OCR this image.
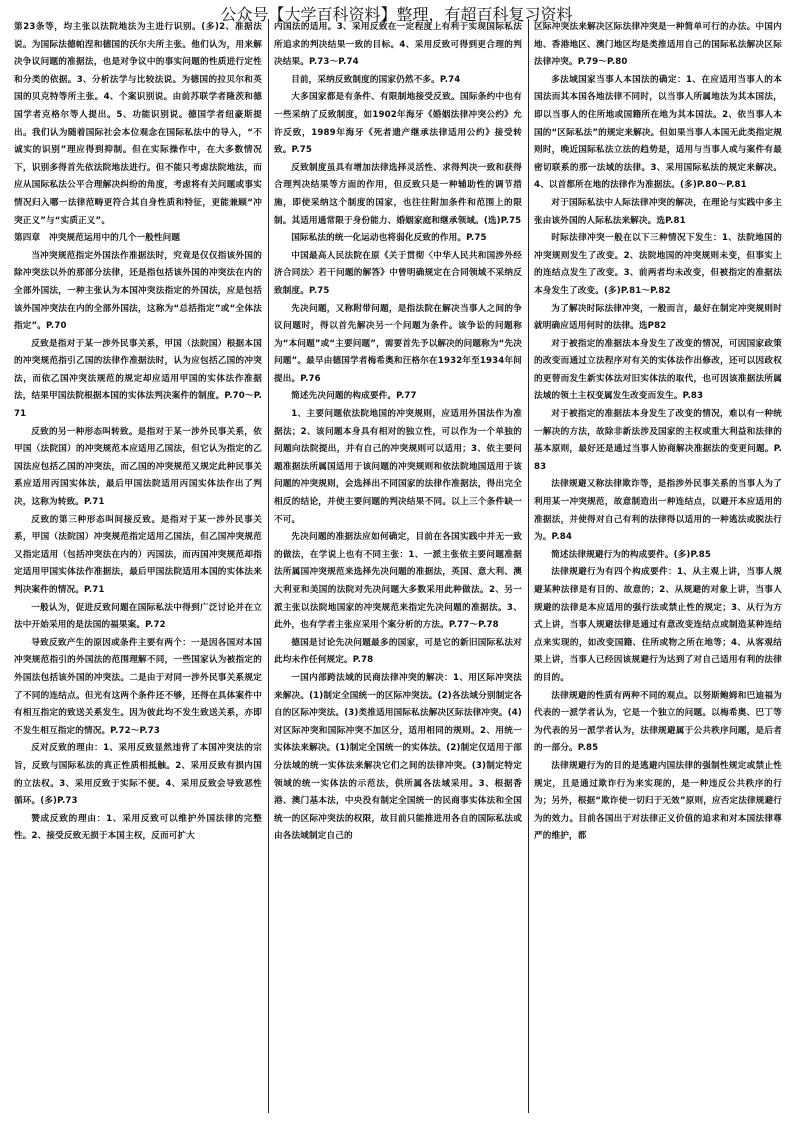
公众号【大学百科资料】整理，有超百科复习资料

第23条等，均主张以法院地法为主进行识别。(多)2、准据法说。为国际法德帕涅和德国的沃尔夫所主张。他们认为，用来解决争议问题的准据法，也是对争议中的事实问题的性质进行定性和分类的依据。3、分析法学与比较法说。为德国的拉贝尔和英国的贝克特等所主张。4、个案识别说。由前苏联学者隆茨和德国学者克格尔等人提出。5、功能识别说。德国学者纽豪斯提出。我们认为随着国际社会本位观念在国际私法中的导入，“不诚实的识别”理应得到抑制。但在实际操作中，在大多数情况下，识别多得首先依法院地法进行。但不能只考虑法院地法，而应从国际私法公平合理解决纠纷的角度，考虑将有关问题或事实情况归入哪一法律范畴更符合其自身性质和特征，更能兼顾“冲突正义”与“实质正义”。

第四章　冲突规范运用中的几个一般性问题

当冲突规范指定外国法作准据法时，究竟是仅仅指该外国的除冲突法以外的那部分法律，还是指包括该外国的冲突法在内的全部外国法，一种主张认为本国冲突法指定的外国法，应是包括该外国冲突法在内的全部外国法，这称为“总括指定”或“全体法指定”。P.70

反致是指对于某一涉外民事关系，甲国（法院国）根据本国的冲突规范指引乙国的法律作准据法时，认为应包括乙国的冲突法，而依乙国冲突法规范的规定却应适用甲国的实体法作准据法，结果甲国法院根据本国的实体法判决案件的制度。P.70～P.71

反致的另一种形态叫转致。是指对于某一涉外民事关系，依甲国（法院国）的冲突规范本应适用乙国法，但它认为指定的乙国法应包括乙国的冲突法，而乙国的冲突规范又规定此种民事关系应适用丙国实体法，最后甲国法院适用丙国实体法作出了判决，这称为转致。P.71

反致的第三种形态叫间接反致。是指对于某一涉外民事关系，甲国（法院国）冲突规范指定适用乙国法，但乙国冲突规范又指定适用（包括冲突法在内的）丙国法，而丙国冲突规范却指定适用甲国实体法作准据法，最后甲国法院适用本国的实体法来判决案件的情况。P.71

一般认为，促进反致问题在国际私法中得到广泛讨论并在立法中开始采用的是法国的福果案。P.72

导致反致产生的原因或条件主要有两个：一是因各国对本国冲突规范指引的外国法的范围理解不同，一些国家认为被指定的外国法包括该外国的冲突法。二是由于对同一涉外民事关系规定了不同的连结点。但光有这两个条件还不够，还得在具体案件中有相互指定的致送关系发生。因为彼此均不发生致送关系，亦即不发生相互指定的情况。P.72～P.73

反对反致的理由：1、采用反致显然违背了本国冲突法的宗旨，反致与国际私法的真正性质相抵触。2、采用反致有损内国的立法权。3、采用反致于实际不便。4、采用反致会导致恶性循环。(多)P.73

赞成反致的理由：1、采用反致可以维护外国法律的完整性。2、接受反致无损于本国主权，反而可扩大

内国法的适用。3、采用反致在一定程度上有利于实现国际私法所追求的判决结果一致的目标。4、采用反致可得到更合理的判决结果。P.73～P.74

目前，采纳反致制度的国家仍然不多。P.74

大多国家都是有条件、有限制地接受反致。国际条约中也有一些采纳了反致制度，如1902年海牙《婚姻法律冲突公约》允许反致，1989年海牙《死者遗产继承法律适用公约》接受转致。P.75

反致制度虽具有增加法律选择灵活性、求得判决一致和获得合理判决结果等方面的作用，但反致只是一种辅助性的调节措施，即使采纳这个制度的国家，也往往附加条件和范围上的限制。其适用通常限于身份能力、婚姻家庭和继承领域。(选)P.75

国际私法的统一化运动也将弱化反致的作用。P.75

中国最高人民法院在原《关于贯彻〈中华人民共和国涉外经济合同法〉若干问题的解答》中曾明确规定在合同领域不采纳反致制度。P.75

先决问题，又称附带问题，是指法院在解决当事人之间的争议问题时，得以首先解决另一个问题为条件。该争讼的问题称为“本问题”或“主要问题”，需要首先予以解决的问题称为“先决问题”。最早由德国学者梅希奥和汪格尔在1932年至1934年间提出。P.76

简述先决问题的构成要件。P.77

1、主要问题依法院地国的冲突规则，应适用外国法作为准据法；2、该问题本身具有相对的独立性，可以作为一个单独的问题向法院提出，并有自己的冲突规则可以适用；3、依主要问题准据法所属国适用于该问题的冲突规则和依法院地国适用于该问题的冲突规则，会选择出不同国家的法律作准据法，得出完全相反的结论，并使主要问题的判决结果不同。以上三个条件缺一不可。

先决问题的准据法应如何确定，目前在各国实践中并无一致的做法，在学说上也有不同主张：1、一派主张依主要问题准据法所属国冲突规范来选择先决问题的准据法，英国、意大利、澳大利亚和美国的法院对先决问题大多数采用此种做法。2、另一派主张以法院地国家的冲突规范来指定先决问题的准据法。3、此外，也有学者主张应采用个案分析的方法。P.77～P.78

德国是讨论先决问题最多的国家，可是它的新旧国际私法对此均未作任何规定。P.78

一国内部跨法域的民商法律冲突的解决：1、用区际冲突法来解决。(1)制定全国统一的区际冲突法。(2)各法域分别制定各自的区际冲突法。(3)类推适用国际私法解决区际法律冲突。(4)对区际冲突和国际冲突不加区分，适用相同的规则。2、用统一实体法来解决。(1)制定全国统一的实体法。(2)制定仅适用于部分法域的统一实体法来解决它们之间的法律冲突。(3)制定特定领域的统一实体法的示范法，供所属各法域采用。3、根据香港、澳门基本法，中央没有制定全国统一的民商事实体法和全国统一的区际冲突法的权限，故目前只能推进用各自的国际私法或由各法域制定自己的

区际冲突法来解决区际法律冲突是一种简单可行的办法。中国内地、香港地区、澳门地区均是类推适用自己的国际私法解决区际法律冲突。P.79～P.80

多法域国家当事人本国法的确定：1、在应适用当事人的本国法而其本国各地法律不同时，以当事人所属地法为其本国法，即以当事人的住所地或国籍所在地为其本国法。2、依当事人本国的“区际私法”的规定来解决。但如果当事人本国无此类指定规则时，晚近国际私法立法的趋势是，适用与当事人或与案件有最密切联系的那一法域的法律。3、采用国际私法的规定来解决。4、以首都所在地的法律作为准据法。(多)P.80～P.81

对于国际私法中人际法律冲突的解决，在理论与实践中多主张由该外国的人际私法来解决。选P.81

时际法律冲突一般在以下三种情况下发生：1、法院地国的冲突规则发生了改变。2、法院地国的冲突规则未变，但事实上的连结点发生了改变。3、前两者均未改变，但被指定的准据法本身发生了改变。(多)P.81～P.82

为了解决时际法律冲突，一般而言，最好在制定冲突规则时就明确应适用何时的法律。选P82

对于被指定的准据法本身发生了改变的情况，可因国家政策的改变而通过立法程序对有关的实体法作出修改，还可以因政权的更替而发生新实体法对旧实体法的取代，也可因该准据法所属法域的领土主权变属发生改变而发生。P.83

对于被指定的准据法本身发生了改变的情况，难以有一种统一解决的方法，故除非新法涉及国家的主权或重大利益和法律的基本原则，最好还是通过当事人协商解决准据法的变更问题。P.83

法律规避又称法律欺诈等，是指涉外民事关系的当事人为了利用某一冲突规范，故意制造出一种连结点，以避开本应适用的准据法，并使得对自己有利的法律得以适用的一种逃法或脱法行为。P.84

简述法律规避行为的构成要件。(多)P.85

法律规避行为有四个构成要件：1、从主观上讲，当事人规避某种法律是有目的、故意的；2、从规避的对象上讲，当事人规避的法律是本应适用的强行法或禁止性的规定；3、从行为方式上讲，当事人规避法律是通过有意改变连结点或制造某种连结点来实现的，如改变国籍、住所或物之所在地等；4、从客观结果上讲，当事人已经因该规避行为达到了对自己适用有利的法律的目的。

法律规避的性质有两种不同的观点。以努斯鲍姆和巴迪福为代表的一派学者认为，它是一个独立的问题。以梅希奥、巴丁等为代表的另一派学者认为，法律规避属于公共秩序问题，是后者的一部分。P.85

法律规避行为的目的是逃避内国法律的强制性规定或禁止性规定，且是通过欺诈行为来实现的，是一种违反公共秩序的行为；另外，根据“欺诈使一切归于无效”原则，应否定法律规避行为的效力。目前各国出于对法律正义价值的追求和对本国法律尊严的维护，都
